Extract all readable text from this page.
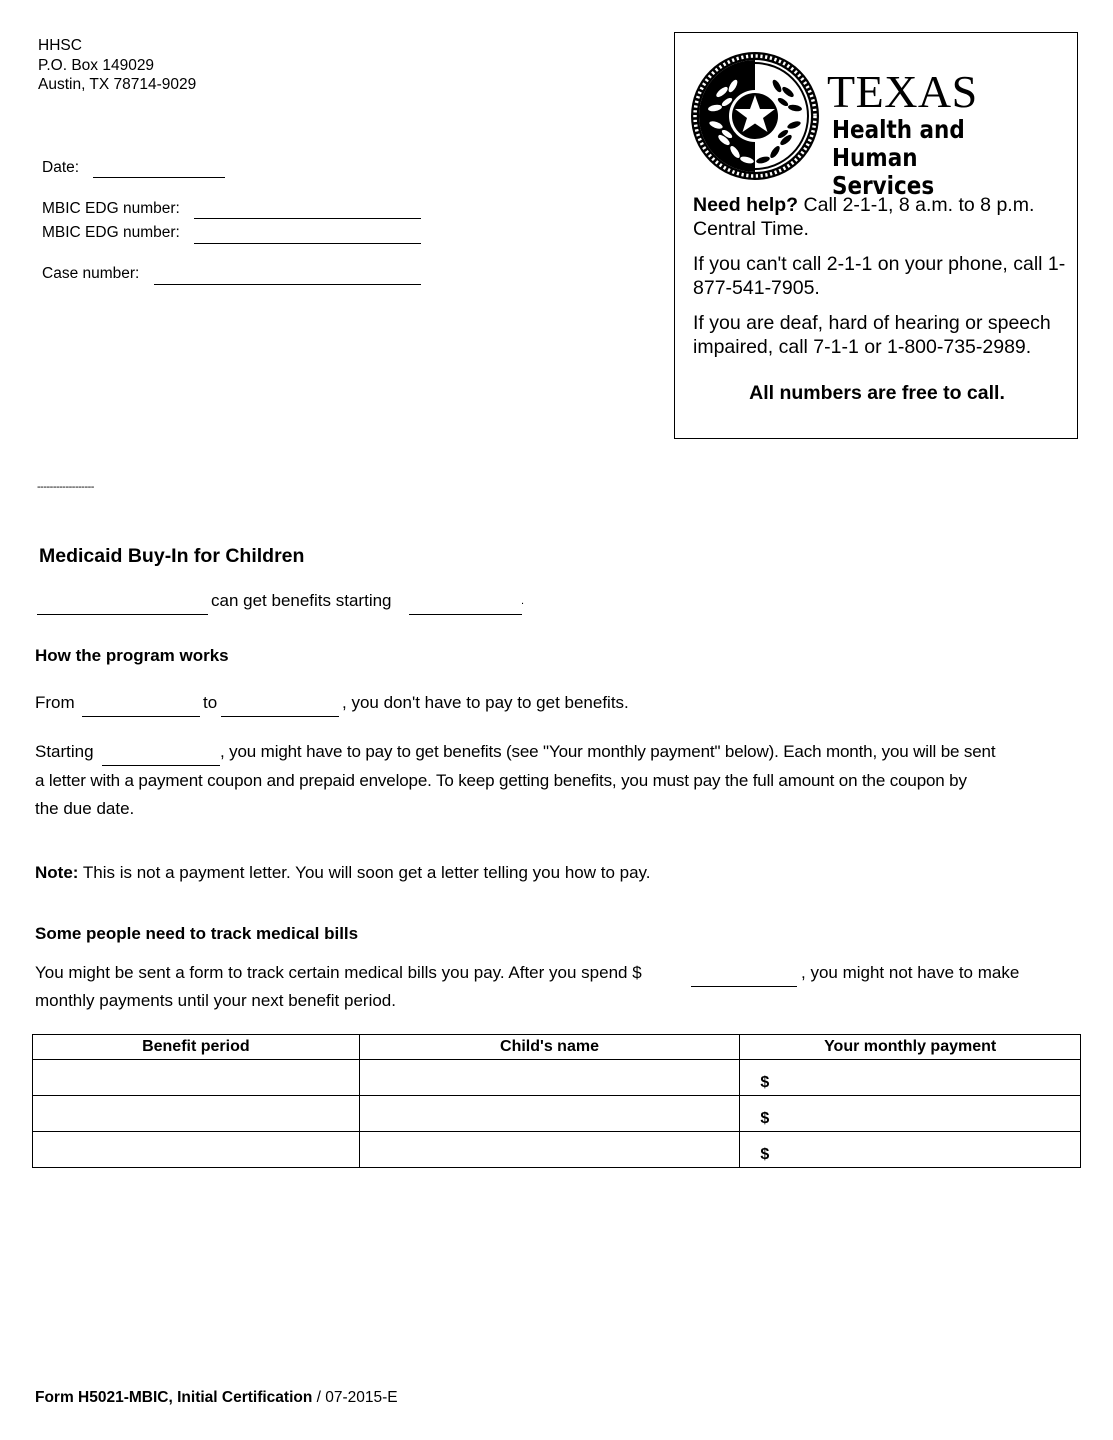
HHSC
P.O. Box 149029
Austin, TX 78714-9029
Date:
MBIC EDG number:
MBIC EDG number:
Case number:
TEXAS
Health and Human
Services
Need help? Call 2-1-1, 8 a.m. to 8 p.m. Central Time.
If you can't call 2-1-1 on your phone, call 1-877-541-7905.
If you are deaf, hard of hearing or speech impaired, call 7-1-1 or 1-800-735-2989.
All numbers are free to call.
------------------
Medicaid Buy-In for Children
can get benefits starting	.
How the program works
From	to	, you don't have to pay to get benefits.
Starting	, you might have to pay to get benefits (see "Your monthly payment" below). Each month, you will be sent
a letter with a payment coupon and prepaid envelope. To keep getting benefits, you must pay the full amount on the coupon by
the due date.
Note: This is not a payment letter. You will soon get a letter telling you how to pay.
Some people need to track medical bills
You might be sent a form to track certain medical bills you pay. After you spend $	, you might not have to make
monthly payments until your next benefit period.
Benefit period	Child's name	Your monthly payment
		$
		$
		$
Form H5021-MBIC, Initial Certification / 07-2015-E
